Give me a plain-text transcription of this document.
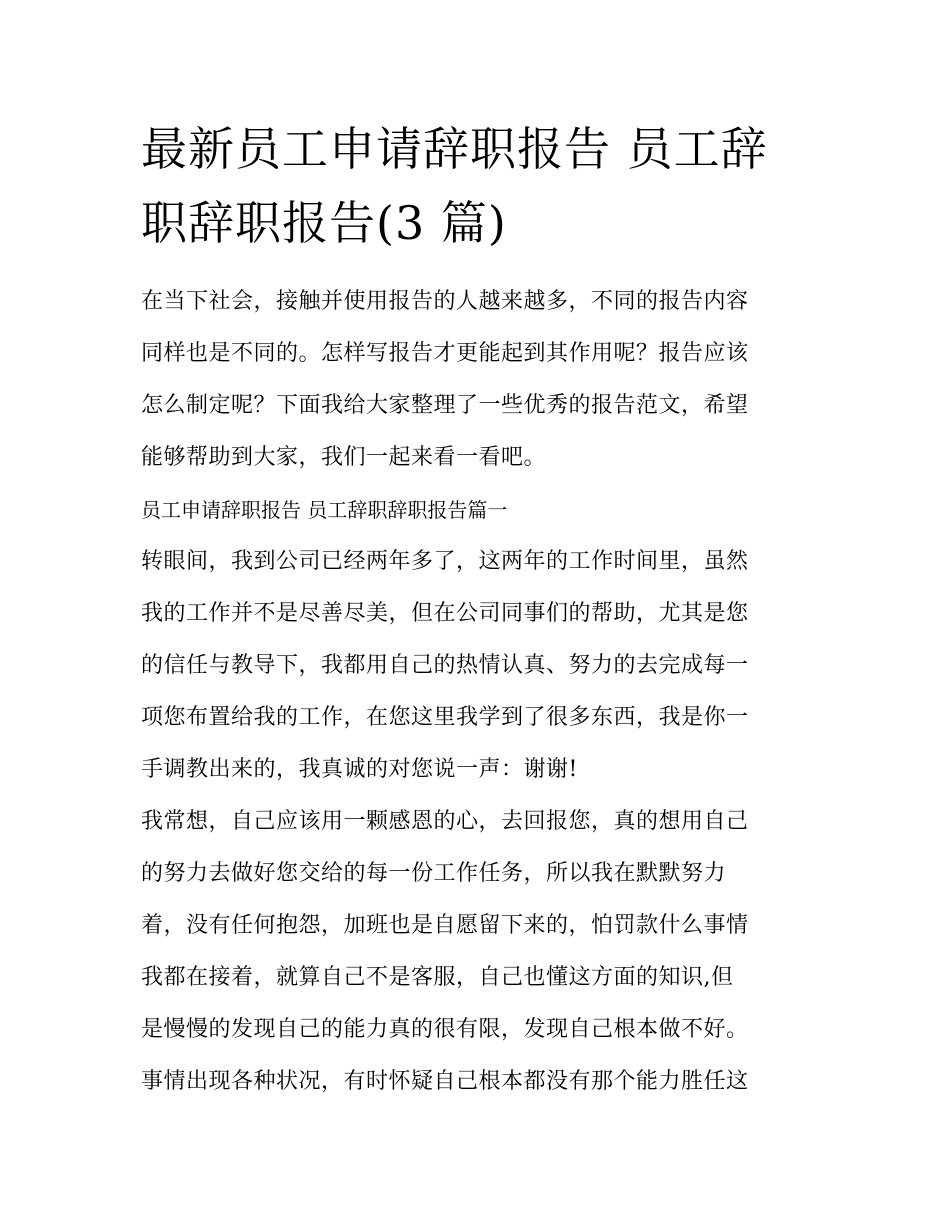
最新员工申请辞职报告 员工辞
职辞职报告(3 篇)

在当下社会，接触并使用报告的人越来越多，不同的报告内容
同样也是不同的。怎样写报告才更能起到其作用呢？报告应该
怎么制定呢？下面我给大家整理了一些优秀的报告范文，希望
能够帮助到大家，我们一起来看一看吧。

员工申请辞职报告 员工辞职辞职报告篇一

转眼间，我到公司已经两年多了，这两年的工作时间里，虽然
我的工作并不是尽善尽美，但在公司同事们的帮助，尤其是您
的信任与教导下，我都用自己的热情认真、努力的去完成每一
项您布置给我的工作，在您这里我学到了很多东西，我是你一
手调教出来的，我真诚的对您说一声：谢谢!

我常想，自己应该用一颗感恩的心，去回报您，真的想用自己
的努力去做好您交给的每一份工作任务，所以我在默默努力
着，没有任何抱怨，加班也是自愿留下来的，怕罚款什么事情
我都在接着，就算自己不是客服，自己也懂这方面的知识,但
是慢慢的发现自己的能力真的很有限，发现自己根本做不好。
事情出现各种状况，有时怀疑自己根本都没有那个能力胜任这
